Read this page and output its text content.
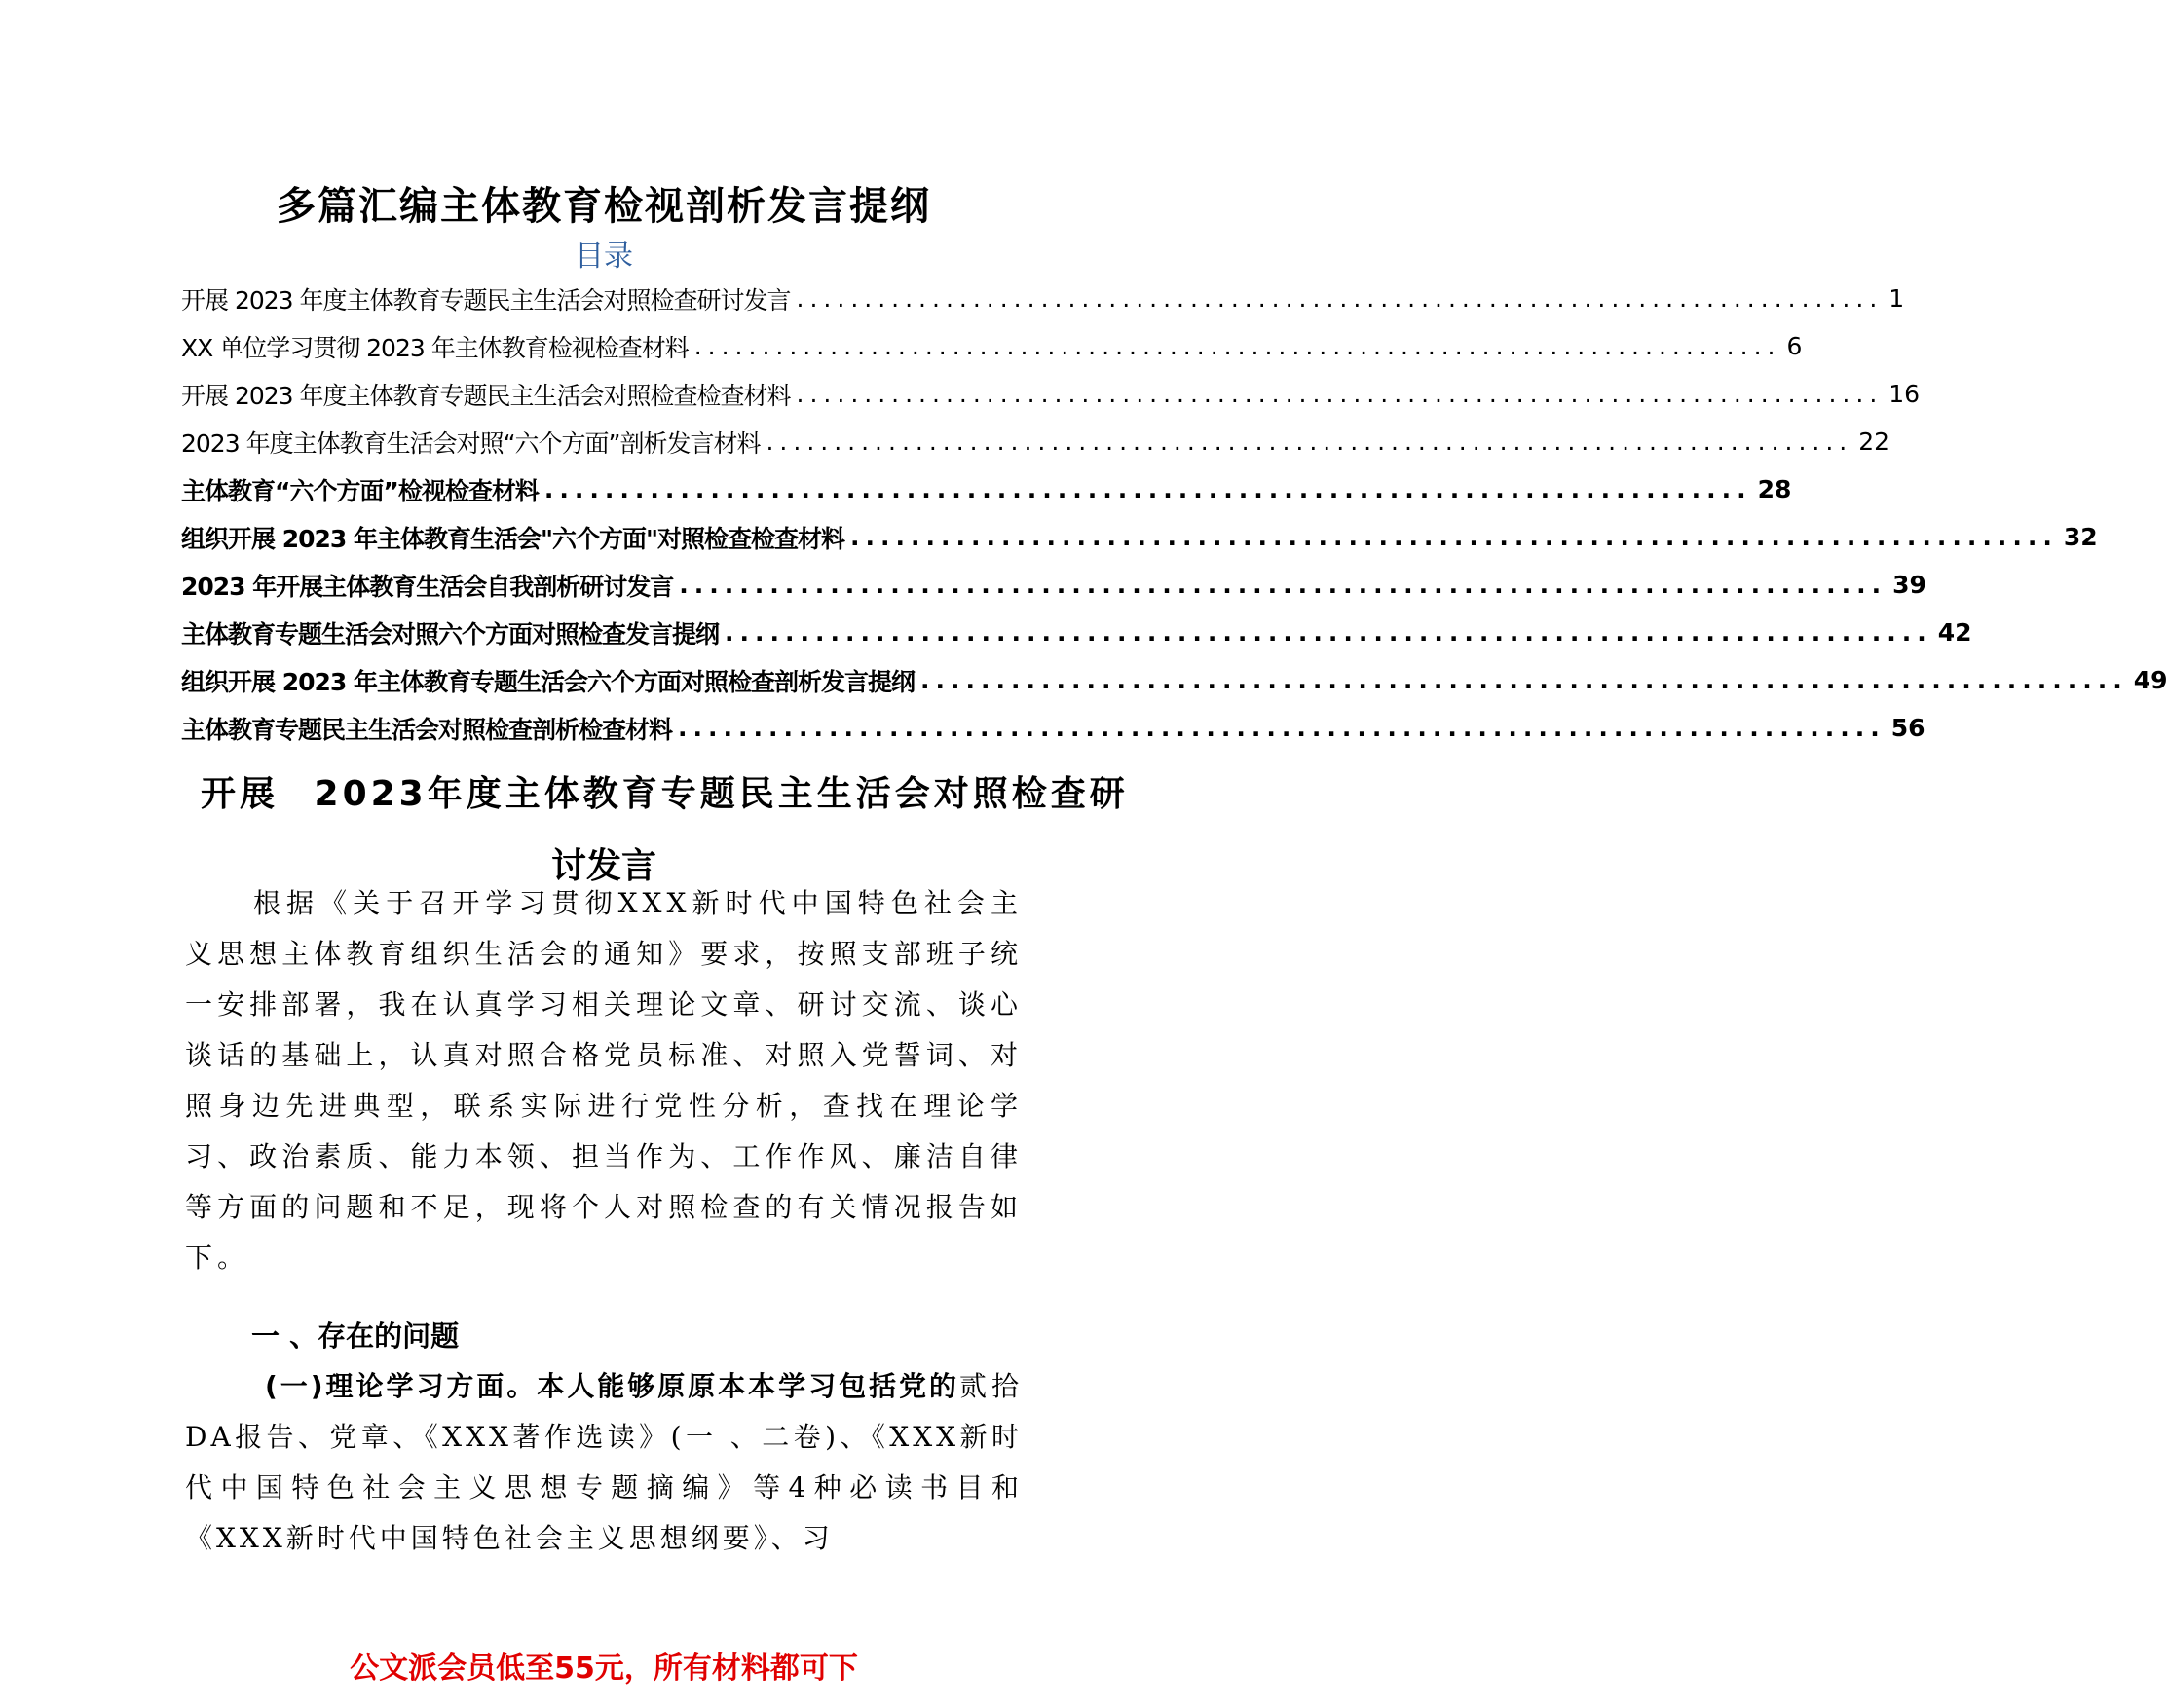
多篇汇编主体教育检视剖析发言提纲
目录
开展 2023 年度主体教育专题民主生活会对照检查研讨发言 ................................................................................ 1
XX 单位学习贯彻 2023 年主体教育检视检查材料 ................................................................................ 6
开展 2023 年度主体教育专题民主生活会对照检查检查材料 ................................................................................ 16
2023 年度主体教育生活会对照“六个方面”剖析发言材料 ................................................................................ 22
主体教育“六个方面”检视检查材料 ................................................................................ 28
组织开展 2023 年主体教育生活会"六个方面"对照检查检查材料 ................................................................................ 32
2023 年开展主体教育生活会自我剖析研讨发言 ................................................................................ 39
主体教育专题生活会对照六个方面对照检查发言提纲 ................................................................................ 42
组织开展 2023 年主体教育专题生活会六个方面对照检查剖析发言提纲 ................................................................................ 49
主体教育专题民主生活会对照检查剖析检查材料 ................................................................................ 56
开展 2023年度主体教育专题民主生活会对照检查研
讨发言
根据《关于召开学习贯彻XXX新时代中国特色社会主义思想主体教育组织生活会的通知》要求，按照支部班子统一安排部署，我在认真学习相关理论文章、研讨交流、谈心谈话的基础上，认真对照合格党员标准、对照入党誓词、对照身边先进典型，联系实际进行党性分析，查找在理论学习、政治素质、能力本领、担当作为、工作作风、廉洁自律等方面的问题和不足，现将个人对照检查的有关情况报告如下。
一 、存在的问题
(一)理论学习方面。本人能够原原本本学习包括党的贰拾DA报告、党章、《XXX著作选读》(一 、二卷)、《XXX新时代中国特色社会主义思想专题摘编》等4种必读书目和《XXX新时代中国特色社会主义思想纲要》、习
公文派会员低至55元，所有材料都可下
